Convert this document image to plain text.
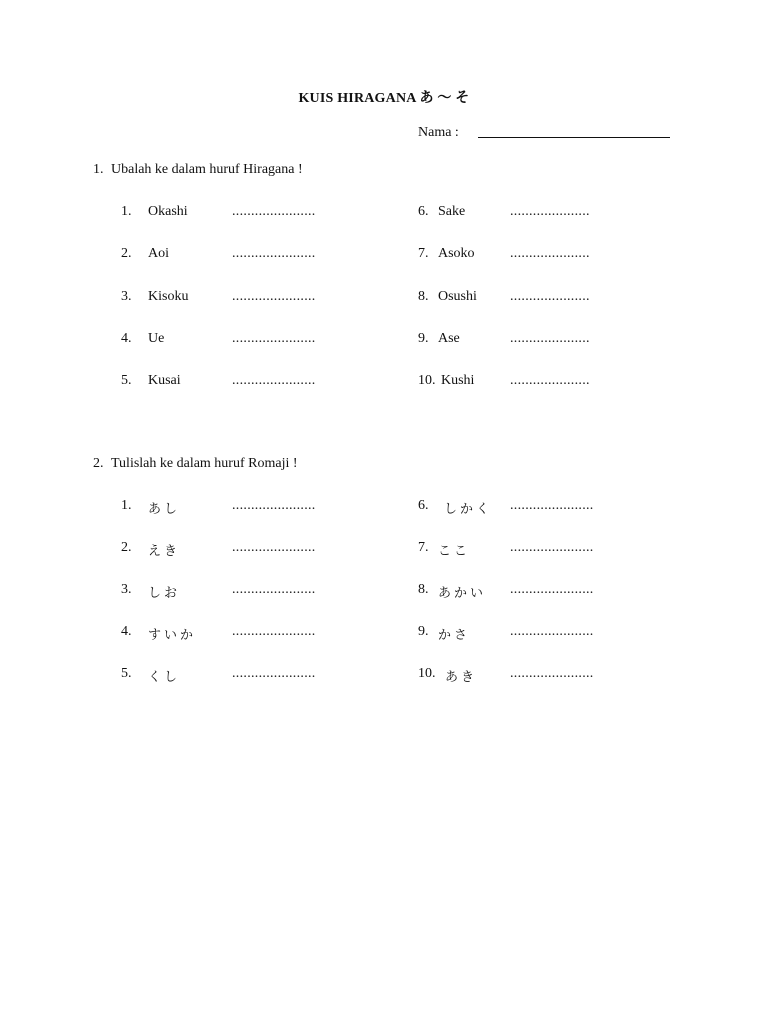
KUIS HIRAGANA あ 〜 そ
Nama :
1. Ubalah ke dalam huruf Hiragana !
1. Okashi	......................
2. Aoi	......................
3. Kisoku	......................
4. Ue	......................
5. Kusai	......................
6. Sake	.....................
7. Asoko	.....................
8. Osushi .....................
9. Ase	.....................
10. Kushi	.....................
2. Tulislah ke dalam huruf Romaji !
1. あし	......................
2. えき	......................
3. しお	......................
4. すいか	......................
5. くし	......................
6. しかく ......................
7. ここ	......................
8. あかい ......................
9. かさ	......................
10. あき ......................
